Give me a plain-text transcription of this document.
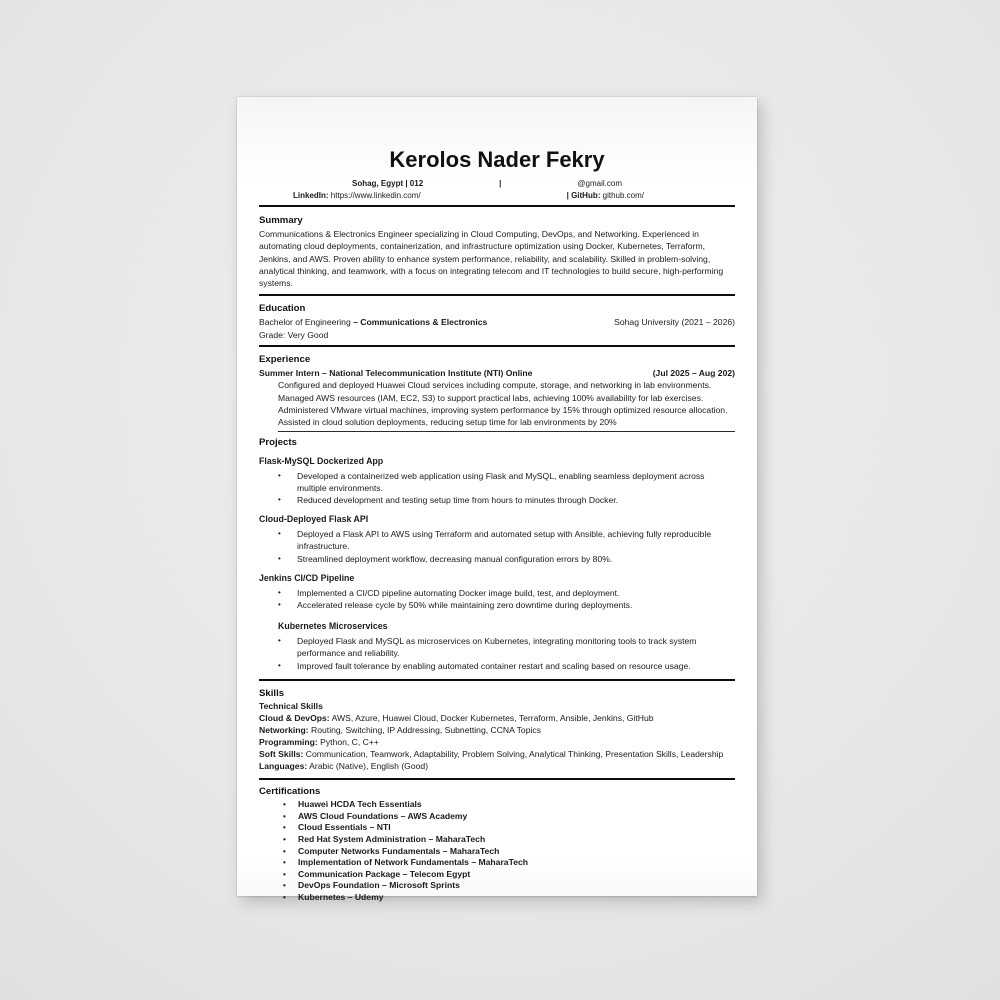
Kerolos Nader Fekry
Sohag, Egypt | 012	|	@gmail.com
LinkedIn: https://www.linkedin.com/	| GitHub: github.com/
Summary

Communications & Electronics Engineer specializing in Cloud Computing, DevOps, and Networking. Experienced in automating cloud deployments, containerization, and infrastructure optimization using Docker, Kubernetes, Terraform, Jenkins, and AWS. Proven ability to enhance system performance, reliability, and scalability. Skilled in problem-solving, analytical thinking, and teamwork, with a focus on integrating telecom and IT technologies to build secure, high-performing systems.

Education
Bachelor of Engineering – Communications & Electronics	Sohag University (2021 – 2026)
Grade: Very Good
Experience
Summer Intern – National Telecommunication Institute (NTI) Online	(Jul 2025 – Aug 202)

Configured and deployed Huawei Cloud services including compute, storage, and networking in lab environments.

Managed AWS resources (IAM, EC2, S3) to support practical labs, achieving 100% availability for lab exercises.

Administered VMware virtual machines, improving system performance by 15% through optimized resource allocation.

Assisted in cloud solution deployments, reducing setup time for lab environments by 20%

Projects
Flask-MySQL Dockerized App
•	Developed a containerized web application using Flask and MySQL, enabling seamless deployment across multiple environments.
•	Reduced development and testing setup time from hours to minutes through Docker.
Cloud-Deployed Flask API
•	Deployed a Flask API to AWS using Terraform and automated setup with Ansible, achieving fully reproducible infrastructure.
•	Streamlined deployment workflow, decreasing manual configuration errors by 80%.
Jenkins CI/CD Pipeline
•	Implemented a CI/CD pipeline automating Docker image build, test, and deployment.
•	Accelerated release cycle by 50% while maintaining zero downtime during deployments.
Kubernetes Microservices
•	Deployed Flask and MySQL as microservices on Kubernetes, integrating monitoring tools to track system performance and reliability.
•	Improved fault tolerance by enabling automated container restart and scaling based on resource usage.
Skills
Technical Skills
Cloud & DevOps: AWS, Azure, Huawei Cloud, Docker Kubernetes, Terraform, Ansible, Jenkins, GitHub
Networking: Routing, Switching, IP Addressing, Subnetting, CCNA Topics
Programming: Python, C, C++
Soft Skills: Communication, Teamwork, Adaptability, Problem Solving, Analytical Thinking, Presentation Skills, Leadership
Languages: Arabic (Native), English (Good)
Certifications
•	Huawei HCDA Tech Essentials
•	AWS Cloud Foundations – AWS Academy
•	Cloud Essentials – NTI
•	Red Hat System Administration – MaharaTech
•	Computer Networks Fundamentals – MaharaTech
•	Implementation of Network Fundamentals – MaharaTech
•	Communication Package – Telecom Egypt
•	DevOps Foundation – Microsoft Sprints
•	Kubernetes – Udemy
